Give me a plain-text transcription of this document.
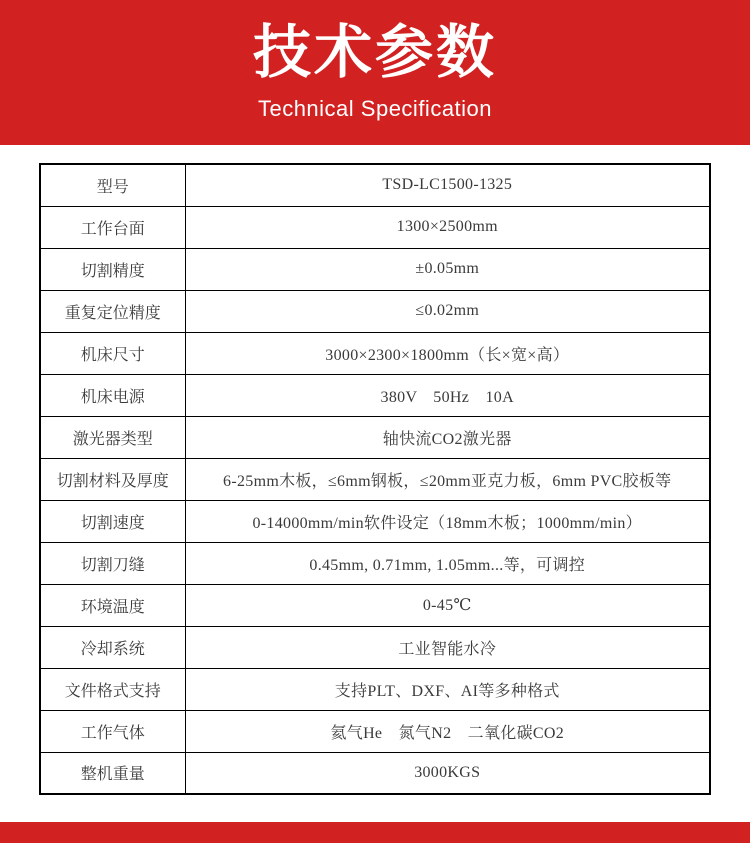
技术参数
Technical Specification
型号	TSD-LC1500-1325
工作台面	1300×2500mm
切割精度	±0.05mm
重复定位精度	≤0.02mm
机床尺寸	3000×2300×1800mm（长×宽×高）
机床电源	380V　50Hz　10A
激光器类型	轴快流CO2激光器
切割材料及厚度	6-25mm木板，≤6mm钢板，≤20mm亚克力板，6mm PVC胶板等
切割速度	0-14000mm/min软件设定（18mm木板；1000mm/min）
切割刀缝	0.45mm, 0.71mm, 1.05mm...等，可调控
环境温度	0-45℃
冷却系统	工业智能水冷
文件格式支持	支持PLT、DXF、AI等多种格式
工作气体	氦气He　氮气N2　二氧化碳CO2
整机重量	3000KGS
